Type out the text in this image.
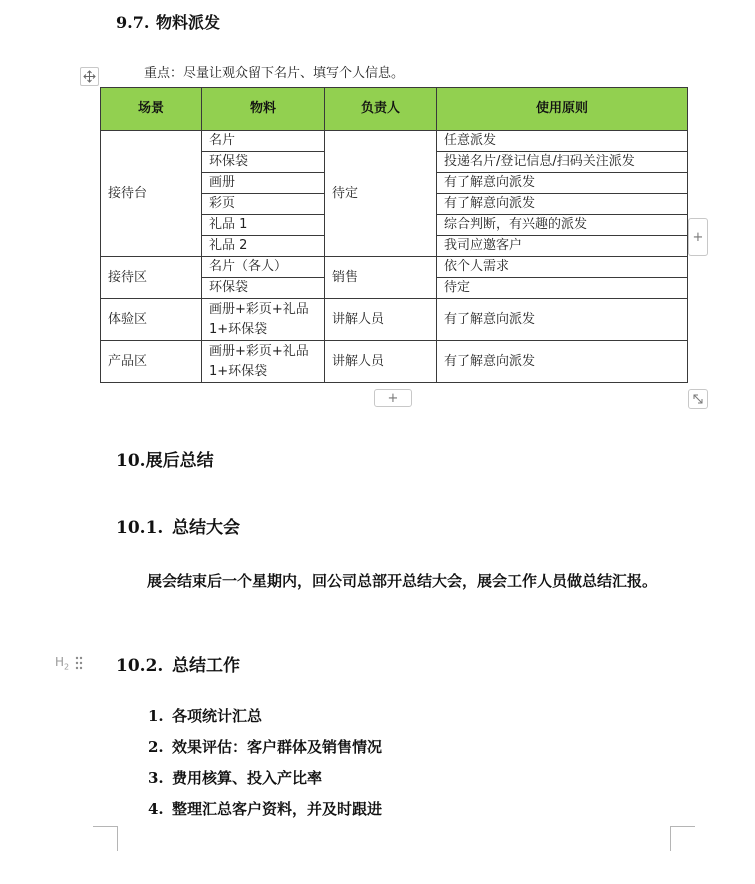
9.7. 物料派发
重点：尽量让观众留下名片、填写个人信息。
场景	物料	负责人	使用原则
接待台	名片	待定	任意派发
	环保袋		投递名片/登记信息/扫码关注派发
	画册		有了解意向派发
	彩页		有了解意向派发
	礼品 1		综合判断，有兴趣的派发
	礼品 2		我司应邀客户
接待区	名片（各人）	销售	依个人需求
	环保袋		待定
体验区	画册+彩页+礼品 1+环保袋	讲解人员	有了解意向派发
产品区	画册+彩页+礼品 1+环保袋	讲解人员	有了解意向派发
+
+
10.展后总结
10.1. 总结大会
展会结束后一个星期内，回公司总部开总结大会，展会工作人员做总结汇报。
$H_2$	10.2. 总结工作
1. 各项统计汇总
2. 效果评估：客户群体及销售情况
3. 费用核算、投入产比率
4. 整理汇总客户资料，并及时跟进
